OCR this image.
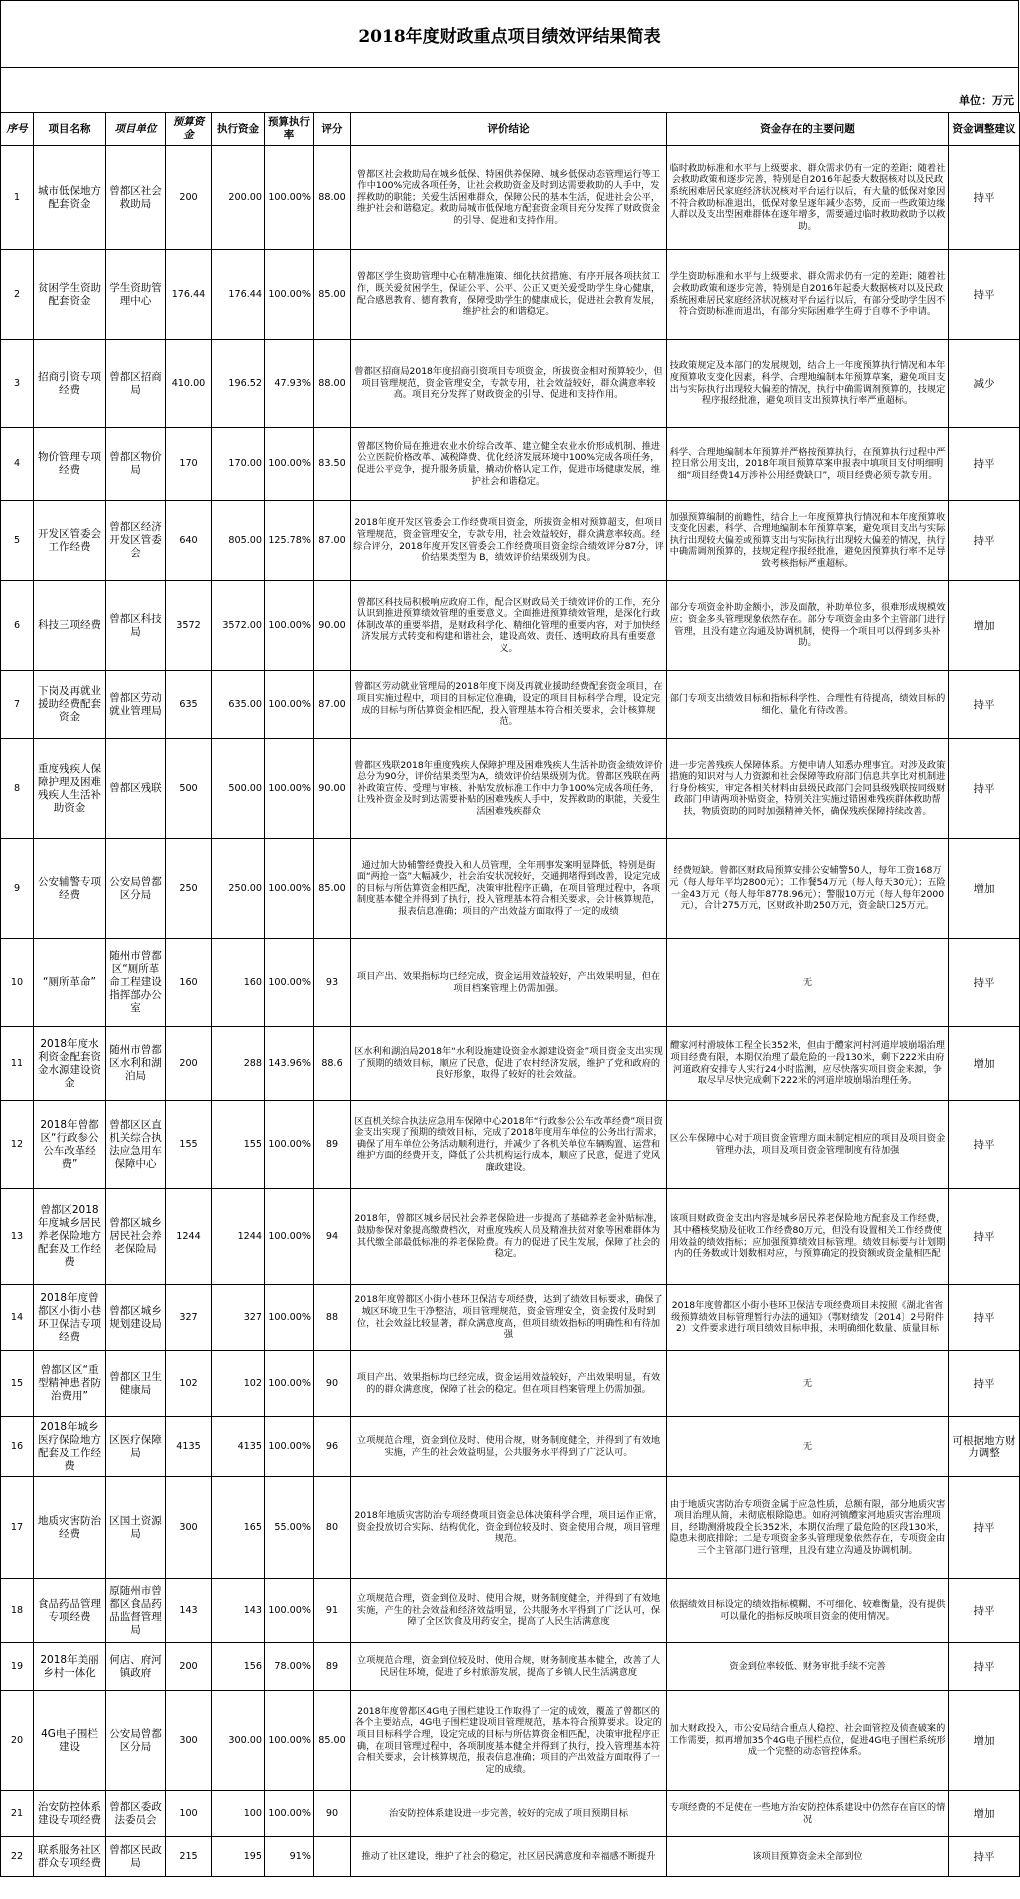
2018年度财政重点项目绩效评结果简表
单位：万元
序号	项目名称	项目单位	预算资金	执行资金	预算执行率	评分	评价结论	资金存在的主要问题	资金调整建议
1	城市低保地方配套资金	曾都区社会救助局	200	200.00	100.00%	88.00	曾都区社会救助局在城乡低保、特困供养保障、城乡低保动态管理运行等工作中100%完成各项任务，让社会救助资金及时到达需要救助的人手中，发挥救助的职能；关爱生活困难群众，保障公民的基本生活，促进社会公平，维护社会和谐稳定。救助局城市低保地方配套资金项目充分发挥了财政资金的引导、促进和支持作用。	临时救助标准和水平与上级要求、群众需求仍有一定的差距；随着社会救助政策和逐步完善，特别是自2016年起委大数据核对以及民政系统困难居民家庭经济状况核对平台运行以后，有大量的低保对象因不符合救助标准退出，低保对象呈逐年减少态势，反而一些政策边缘人群以及支出型困难群体在逐年增多，需要通过临时救助救助予以救助。	持平
2	贫困学生资助配套资金	学生资助管理中心	176.44	176.44	100.00%	85.00	曾都区学生资助管理中心在精准施策、细化扶贫措施、有序开展各项扶贫工作，既关爱贫困学生，保证公平、公平、公正又更关爱受助学生身心健康，配合感恩教育、德育教育，保障受助学生的健康成长，促进社会教育发展，维护社会的和谐稳定。	学生资助标准和水平与上级要求、群众需求仍有一定的差距；随着社会救助政策和逐步完善，特别是自2016年起委大数据核对以及民政系统困难居民家庭经济状况核对平台运行以后，有部分受助学生因不符合资助标准而退出，有部分实际困难学生碍于自尊不予申请。	持平
3	招商引资专项经费	曾都区招商局	410.00	196.52	47.93%	88.00	曾都区招商局2018年度招商引资项目专项资金，所拔资金相对预算较少，但项目管理规范，资金管理安全，专款专用，社会效益较好，群众满意率较高。项目充分发挥了财政资金的引导、促进和支持作用。	技政策规定及本部门的发展规划，结合上一年度预算执行情况和本年度预算收支变化因素，科学、合理地编制本年预算草案，避免项目支出与实际执行出现较大偏差的情况，执行中确需调剂预算的，技规定程序报经批准，避免项目支出预算执行率严重超标。	减少
4	物价管理专项经费	曾都区物价局	170	170.00	100.00%	83.50	曾都区物价局在推进农业水价综合改革、建立健全农业水价形成机制、推进公立医院价格改革、减税降费、优化经济发展环境中100%完成各项任务，促进公平竞争，提升服务质量，撬动价格认定工作，促进市场健康发展，维护社会和谐稳定。	科学、合理地编制本年预算并严格按预算执行，在预算执行过程中严控日常公用支出，2018年项目预算草案申报表中填项目支付明细明细“项目经费14万涉补公用经费缺口”，项目经费必须专款专用。	持平
5	开发区管委会工作经费	曾都区经济开发区管委会	640	805.00	125.78%	87.00	2018年度开发区管委会工作经费项目资金，所拔资金相对预算超支，但项目管理规范，资金管理安全，专款专用，社会效益较好，群众满意率较高。经综合评分，2018年度开发区管委会工作经费项目资金综合绩效评分87分，评价结果类型为 B，绩效评价结果级别为良。	加强预算编制的前瞻性，结合上一年度预算执行情况和本年度预算收支变化因素，科学、合理地编制本年预算草案，避免项目支出与实际执行出现较大偏差或预算支出与实际执行出现较大偏差的情况，执行中确需调剂预算的，技规定程序报经批准，避免因预算执行率不足导致考核指标严重超标。	持平
6	科技三项经费	曾都区科技局	3572	3572.00	100.00%	90.00	曾都区科技局积极响应政府工作，配合区财政局关于绩效评价的工作，充分认识到推进预算绩效管理的重要意义。全面推进预算绩效管理，是深化行政体制改革的重要举措，是财政科学化、精细化管理的重要内容，对于加快经济发展方式转变和构建和谐社会，建设高效、责任、透明政府具有重要意义。	部分专项资金补助金额小，涉及面散，补助单位多，很难形成规模效应；资金多头管理现象依然存在。部分专项资金由多个主管部门进行管理，且没有建立沟通及协调机制，使得一个项目可以得到多头补助。	增加
7	下岗及再就业援助经费配套资金	曾都区劳动就业管理局	635	635.00	100.00%	87.00	曾都区劳动就业管理局的2018年度下岗及再就业援助经费配套资金项目，在项目实施过程中，项目的目标定位准确，设定的项目目标科学合理，设定完成的目标与所估算资金相匹配，投入管理基本符合相关要求，会计核算规范。	部门专项支出绩效目标和指标科学性、合理性有待提高，绩效目标的细化、量化有待改善。	持平
8	重度残疾人保障护理及困难残疾人生活补助资金	曾都区残联	500	500.00	100.00%	90.00	曾都区残联2018年重度残疾人保障护理及困难残疾人生活补助资金绩效评价总分为90分，评价结果类型为A，绩效评价结果级别为优。曾都区残联在两补政策宣传、受理与审核、补贴发放标准工作中力争100%完成各项任务，让残补资金及时到达需要补贴的困难残疾人手中，发挥救助的职能，关爱生活困难残疾群众	进一步完善残疾人保障体系。方便申请人知悉办理事宜。对涉及政策措施的知识对与人力资源和社会保障等政府部门信息共享比对机制进行身份核实，审定各相关材料由县级民政部门会同县级残联按同级财政部门申请两项补贴资金，特别关注实施过错困难残疾群体救助帮扶，物质资助的同时加强精神关怀，确保残疾保障持续改善。	持平
9	公安辅警专项经费	公安局曾都区分局	250	250.00	100.00%	85.00	通过加大协辅警经费投入和人员管理，全年刑事发案明显降低，特别是街面“两抢一盗”大幅减少，社会治安状况较好，交通拥堵得到改善，设定完成的目标与所估算资金相匹配，决策审批程序正确，在项目管理过程中，各项制度基本健全并得到了执行，投入管理基本符合相关要求，会计核算规范，报表信息准确；项目的产出效益方面取得了一定的成绩	经费短缺。曾都区财政局预算安排公安辅警50人，每年工资168万元（每人每年平均2800元）；工作餐54万元（每人每天30元）；五险一金43万元（每人每年8778.96元）；警服10万元（每人每年2000元），合计275万元，区财政补助250万元，资金缺口25万元。	增加
10	“厕所革命”	随州市曾都区“厕所革命工程建设指挥部办公室	160	160	100.00%	93	项目产出、效果指标均已经完成，资金运用效益较好，产出效果明显，但在项目档案管理上仍需加强。	无	持平
11	2018年度水利资金配套资金水源建设资金	随州市曾都区水利和湖泊局	200	288	143.96%	88.6	区水利和湖泊局2018年“水利设施建设资金水源建设资金”项目资金支出实现了预期的绩效目标，顺应了民意，促进了农村经济发展，维护了党和政府的良好形象，取得了较好的社会效益。	醴家河村滑坡体工程全长352米，但由于醴家河村河道岸坡崩塌治理项目经费有限，本期仅治理了最危险的一段130米，剩下222米由府河道政府安排专人实行24小时监测，应尽快落实项目资金来源，争取尽早尽快完成剩下222米的河道岸坡崩塌治理任务。	增加
12	2018年曾都区“行政参公公车改革经费”	曾都区区直机关综合执法应急用车保障中心	155	155	100.00%	89	区直机关综合执法应急用车保障中心2018年“行政参公公车改革经费”项目资金支出实现了预期的绩效目标，完成了2018年度用车单位的公务出行需求，确保了用车单位公务活动顺利进行，并减少了各机关单位车辆购置、运营和维护方面的经费开支，降低了公共机构运行成本，顺应了民意，促进了党风廉政建设。	区公车保障中心对于项目资金管理方面未制定相应的项目及项目资金管理办法，项目及项目资金管理制度有待加强	持平
13	曾都区2018年度城乡居民养老保险地方配套及工作经费	曾都区城乡居民社会养老保险局	1244	1244	100.00%	94	2018年，曾都区城乡居民社会养老保险进一步提高了基础养老金补贴标准，鼓励参保对象提高缴费档次，对重度残疾人员及精准扶贫对象等困难群体为其代缴全部最低标准的养老保险费。有力的促进了民生发展，保障了社会的稳定。	该项目财政资金支出内容是城乡居民养老保险地方配套及工作经费，其中稽核奖励及征收工作经费80万元，但没有设置相关工作经费使用效益的绩效指标；应加强预算绩效目标管理。绩效目标要与计划期内的任务数或计划数相对应，与预算确定的投资额或资金量相匹配	持平
14	2018年度曾都区小街小巷环卫保洁专项经费	曾都区城乡规划建设局	327	327	100.00%	88	2018年度曾都区小街小巷环卫保洁专项经费，达到了绩效目标要求，确保了城区环境卫生干净整洁，项目管理规范，资金管理安全，资金拨付及时到位，社会效益比较显著，群众满意度高，但项目绩效指标的明确性和有待加强	2018年度曾都区小街小巷环卫保洁专项经费项目未按照《湖北省省级预算绩效目标管理暂行办法的通知》（鄂财绩发〔2014〕2号附件2）文件要求进行项目绩效目标申报，未明确细化数量、质量目标	持平
15	曾都区区“重型精神患者防治费用”	曾都区卫生健康局	102	102	100.00%	90	项目产出、效果指标均已经完成，资金运用效益较好，产出效果明显，有效的的群众满意度，保障了社会的稳定。但在项目档案管理上仍需加强。	无	持平
16	2018年城乡医疗保险地方配套及工作经费	区医疗保障局	4135	4135	100.00%	96	立项规范合理，资金到位及时、使用合规，财务制度健全，并得到了有效地实施，产生的社会效益明显，公共服务水平得到了广泛认可。	无	可根据地方财力调整
17	地质灾害防治经费	区国土资源局	300	165	55.00%	80	2018年地质灾害防治专项经费项目资金总体决策科学合理，项目运作正常，资金投放切合实际、结构优化，资金到位较及时、资金使用合规，项目管理规范。	由于地质灾害防治专项资金属于应急性质，总额有限，部分地质灾害项目治理从简，未彻底根除隐患。如府河镇醴家河地质灾害治理项目，经勘测滑坡段全长352米，本期仅治理了最危险的区段130米，隐患未彻底排除；二是专项资金多头管理现象依然存在，专项资金由三个主管部门进行管理，且没有建立沟通及协调机制。	持平
18	食品药品管理专项经费	原随州市曾都区食品药品监督管理局	143	143	100.00%	91	立项规范合理，资金到位及时、使用合规，财务制度健全，并得到了有效地实施，产生的社会效益和经济效益明显，公共服务水平得到了广泛认可，保障了全区饮食及用药安全，提高了人民生活满意度	依据绩效目标设定的绩效指标模糊、不可细化、较难衡量，没有提供可以量化的指标反映项目资金的使用情况。	持平
19	2018年美丽乡村一体化	何店、府河镇政府	200	156	78.00%	89	立项规范合理，资金到位较及时、使用合规，财务制度基本健全，改善了人民居住环境，促进了乡村旅游发展，提高了乡镇人民生活满意度	资金到位率较低、财务审批手续不完善	持平
20	4G电子围栏建设	公安局曾都区分局	300	300.00	100.00%	85.00	2018年度曾都区4G电子围栏建设工作取得了一定的成效，覆盖了曾都区的各个主要站点，4G电子围栏建设项目管理规范，基本符合预算要求。设定的项目目标科学合理，设定完成的目标与所估算资金相匹配，决策审批程序正确，在项目管理过程中，各项制度基本健全并得到了执行，投入管理基本符合相关要求，会计核算规范，报表信息准确；项目的产出效益方面取得了一定的成绩。	加大财政投入，市公安局结合重点人稳控、社会面管控及侦查破案的工作需要，拟再增加35个4G电子围栏点位，促进4G电子围栏系统形成一个完整的动态管控体系。	增加
21	治安防控体系建设专项经费	曾都区委政法委员会	100	100	100.00%	90	治安防控体系建设进一步完善，较好的完成了项目预期目标	专项经费的不足使在一些地方治安防控体系建设中仍然存在盲区的情况	增加
22	联系服务社区群众专项经费	曾都区民政局	215	195	91%		推动了社区建设，维护了社会的稳定，社区居民满意度和幸福感不断提升	该项目预算资金未全部到位	持平
